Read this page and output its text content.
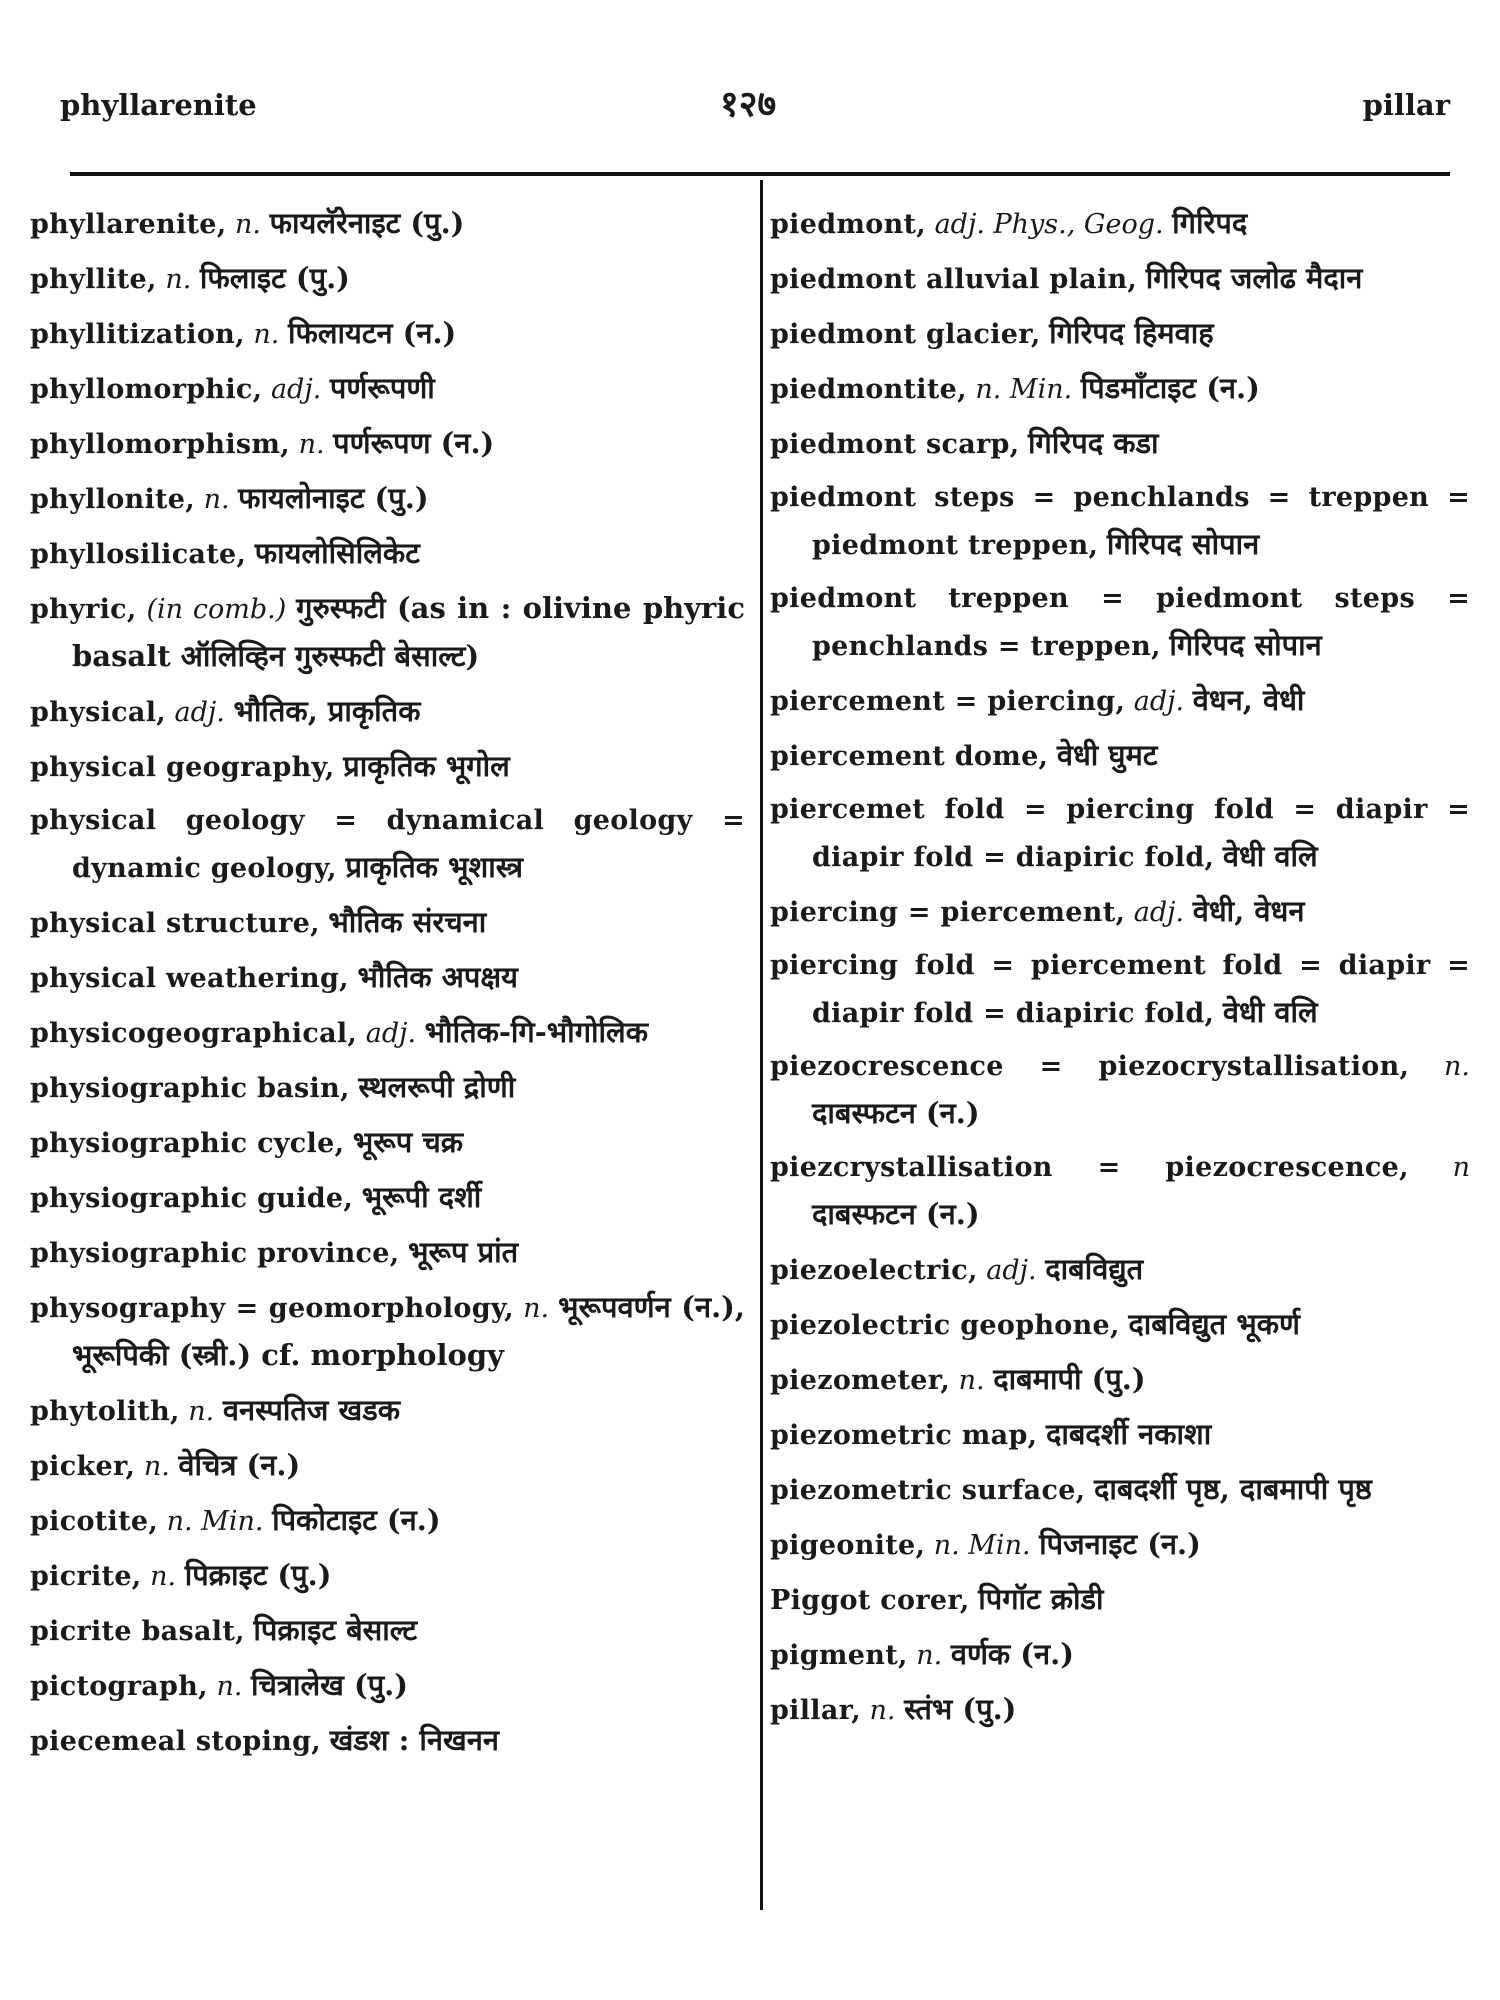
phyllarenite	१२७	pillar

phyllarenite, n. फायलॅरेनाइट (पु.)

phyllite, n. फिलाइट (पु.)

phyllitization, n. फिलायटन (न.)

phyllomorphic, adj. पर्णरूपणी

phyllomorphism, n. पर्णरूपण (न.)

phyllonite, n. फायलोनाइट (पु.)

phyllosilicate, फायलोसिलिकेट

phyric, (in comb.) गुरुस्फटी (as in : olivine phyric basalt ऑलिव्हिन गुरुस्फटी बेसाल्ट)

physical, adj. भौतिक, प्राकृतिक

physical geography, प्राकृतिक भूगोल

physical geology = dynamical geology = dynamic geology, प्राकृतिक भूशास्त्र

physical structure, भौतिक संरचना

physical weathering, भौतिक अपक्षय

physicogeographical, adj. भौतिक-गि-भौगोलिक

physiographic basin, स्थलरूपी द्रोणी

physiographic cycle, भूरूप चक्र

physiographic guide, भूरूपी दर्शी

physiographic province, भूरूप प्रांत

physography = geomorphology, n. भूरूपवर्णन (न.), भूरूपिकी (स्त्री.) cf. morphology

phytolith, n. वनस्पतिज खडक

picker, n. वेचित्र (न.)

picotite, n. Min. पिकोटाइट (न.)

picrite, n. पिक्राइट (पु.)

picrite basalt, पिक्राइट बेसाल्ट

pictograph, n. चित्रालेख (पु.)

piecemeal stoping, खंडश : निखनन

piedmont, adj. Phys., Geog. गिरिपद

piedmont alluvial plain, गिरिपद जलोढ मैदान

piedmont glacier, गिरिपद हिमवाह

piedmontite, n. Min. पिडमाँटाइट (न.)

piedmont scarp, गिरिपद कडा

piedmont steps = penchlands = treppen = piedmont treppen, गिरिपद सोपान

piedmont treppen = piedmont steps = penchlands = treppen, गिरिपद सोपान

piercement = piercing, adj. वेधन, वेधी

piercement dome, वेधी घुमट

piercemet fold = piercing fold = diapir = diapir fold = diapiric fold, वेधी वलि

piercing = piercement, adj. वेधी, वेधन

piercing fold = piercement fold = diapir = diapir fold = diapiric fold, वेधी वलि

piezocrescence = piezocrystallisation, n. दाबस्फटन (न.)

piezcrystallisation = piezocrescence, n दाबस्फटन (न.)

piezoelectric, adj. दाबविद्युत

piezolectric geophone, दाबविद्युत भूकर्ण

piezometer, n. दाबमापी (पु.)

piezometric map, दाबदर्शी नकाशा

piezometric surface, दाबदर्शी पृष्ठ, दाबमापी पृष्ठ

pigeonite, n. Min. पिजनाइट (न.)

Piggot corer, पिगॉट क्रोडी

pigment, n. वर्णक (न.)

pillar, n. स्तंभ (पु.)
